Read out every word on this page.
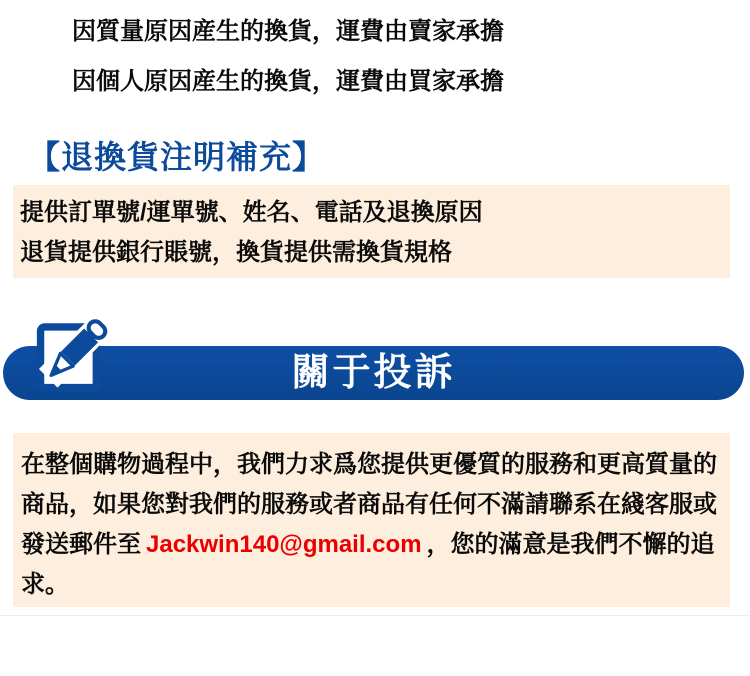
因質量原因産生的換貨，運費由賣家承擔

因個人原因産生的換貨，運費由買家承擔

【退換貨注明補充】

提供訂單號/運單號、姓名、電話及退換原因

退貨提供銀行賬號，換貨提供需換貨規格

關于投訴

在整個購物過程中，我們力求爲您提供更優質的服務和更高質量的

商品，如果您對我們的服務或者商品有任何不滿請聯系在綫客服或

發送郵件至 Jackwin140@gmail.com ，您的滿意是我們不懈的追求。
